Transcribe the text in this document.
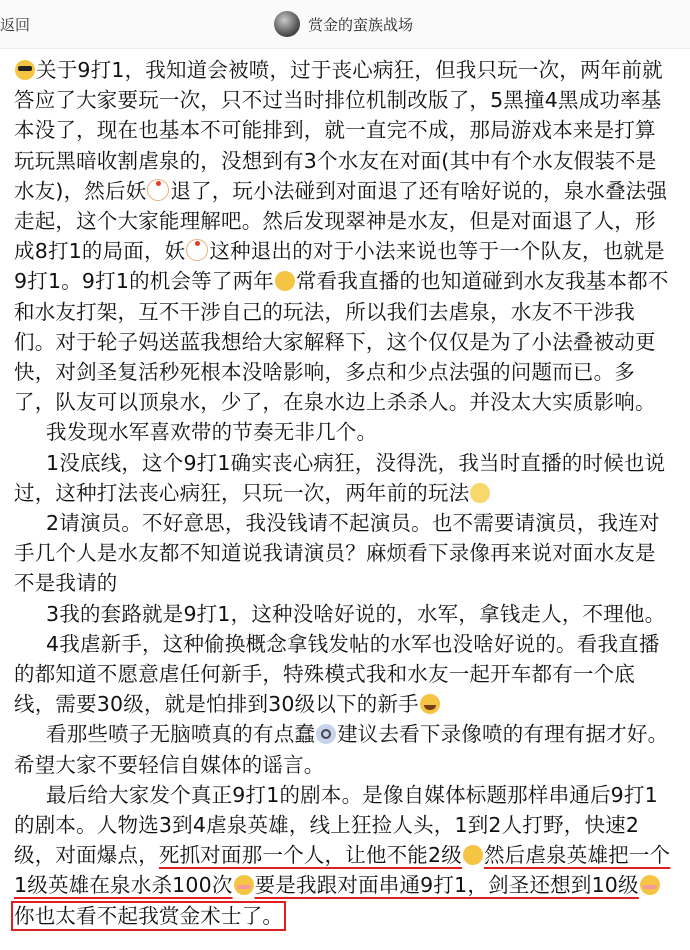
返回	赏金的蛮族战场

关于9打1，我知道会被喷，过于丧心病狂，但我只玩一次，两年前就答应了大家要玩一次，只不过当时排位机制改版了，5黑撞4黑成功率基本没了，现在也基本不可能排到，就一直完不成，那局游戏本来是打算玩玩黑暗收割虐泉的，没想到有3个水友在对面(其中有个水友假装不是水友)，然后妖 退了，玩小法碰到对面退了还有啥好说的，泉水叠法强走起，这个大家能理解吧。然后发现翠神是水友，但是对面退了人，形成8打1的局面，妖 这种退出的对于小法来说也等于一个队友，也就是9打1。9打1的机会等了两年 常看我直播的也知道碰到水友我基本都不和水友打架，互不干涉自己的玩法，所以我们去虐泉，水友不干涉我们。对于轮子妈送蓝我想给大家解释下，这个仅仅是为了小法叠被动更快，对剑圣复活秒死根本没啥影响，多点和少点法强的问题而已。多了，队友可以顶泉水，少了，在泉水边上杀杀人。并没太大实质影响。

我发现水军喜欢带的节奏无非几个。

1没底线，这个9打1确实丧心病狂，没得洗，我当时直播的时候也说过，这种打法丧心病狂，只玩一次，两年前的玩法

2请演员。不好意思，我没钱请不起演员。也不需要请演员，我连对手几个人是水友都不知道说我请演员？麻烦看下录像再来说对面水友是不是我请的

3我的套路就是9打1，这种没啥好说的，水军，拿钱走人，不理他。

4我虐新手，这种偷换概念拿钱发帖的水军也没啥好说的。看我直播的都知道不愿意虐任何新手，特殊模式我和水友一起开车都有一个底线，需要30级，就是怕排到30级以下的新手

看那些喷子无脑喷真的有点蠢 建议去看下录像喷的有理有据才好。希望大家不要轻信自媒体的谣言。

最后给大家发个真正9打1的剧本。是像自媒体标题那样串通后9打1的剧本。人物选3到4虐泉英雄，线上狂捡人头，1到2人打野，快速2级，对面爆点，死抓对面那一个人，让他不能2级 然后虐泉英雄把一个1级英雄在泉水杀100次 要是我跟对面串通9打1，剑圣还想到10级你也太看不起我赏金术士了。
